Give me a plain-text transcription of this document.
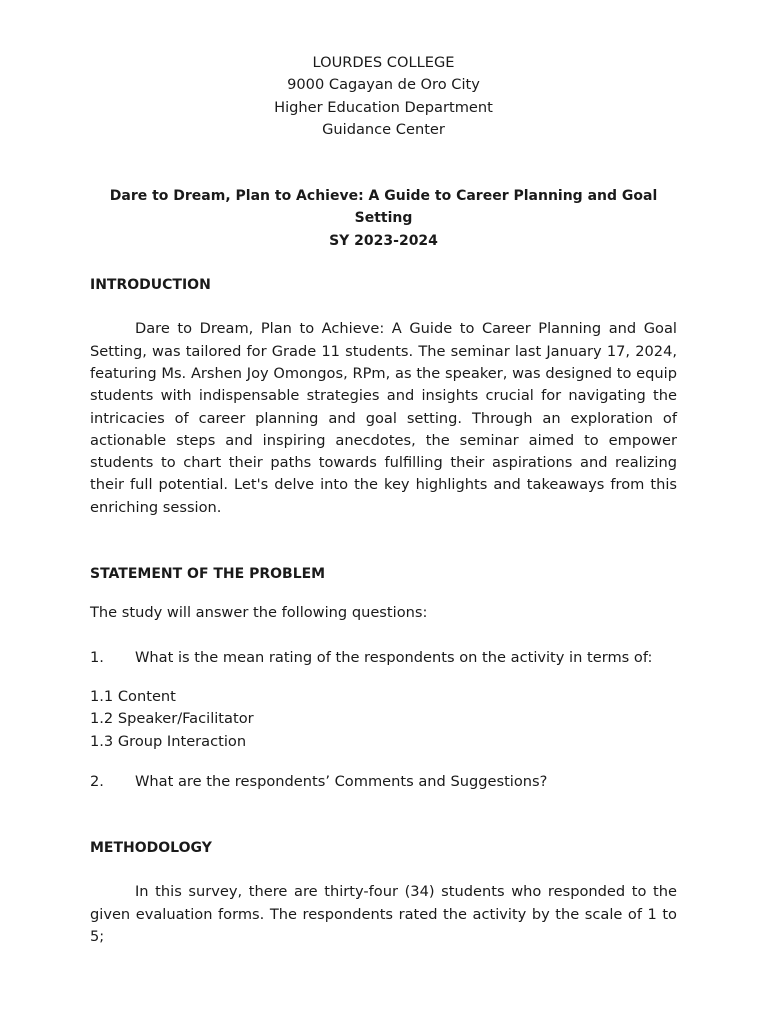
LOURDES COLLEGE
9000 Cagayan de Oro City
Higher Education Department
Guidance Center
Dare to Dream, Plan to Achieve: A Guide to Career Planning and Goal Setting
SY 2023-2024
INTRODUCTION

Dare to Dream, Plan to Achieve: A Guide to Career Planning and Goal Setting, was tailored for Grade 11 students. The seminar last January 17, 2024, featuring Ms. Arshen Joy Omongos, RPm, as the speaker, was designed to equip students with indispensable strategies and insights crucial for navigating the intricacies of career planning and goal setting. Through an exploration of actionable steps and inspiring anecdotes, the seminar aimed to empower students to chart their paths towards fulfilling their aspirations and realizing their full potential. Let's delve into the key highlights and takeaways from this enriching session.

STATEMENT OF THE PROBLEM
The study will answer the following questions:
1.	What is the mean rating of the respondents on the activity in terms of:
1.1 Content
1.2 Speaker/Facilitator
1.3 Group Interaction
2.	What are the respondents’ Comments and Suggestions?
METHODOLOGY

In this survey, there are thirty-four (34) students who responded to the given evaluation forms. The respondents rated the activity by the scale of 1 to 5;
